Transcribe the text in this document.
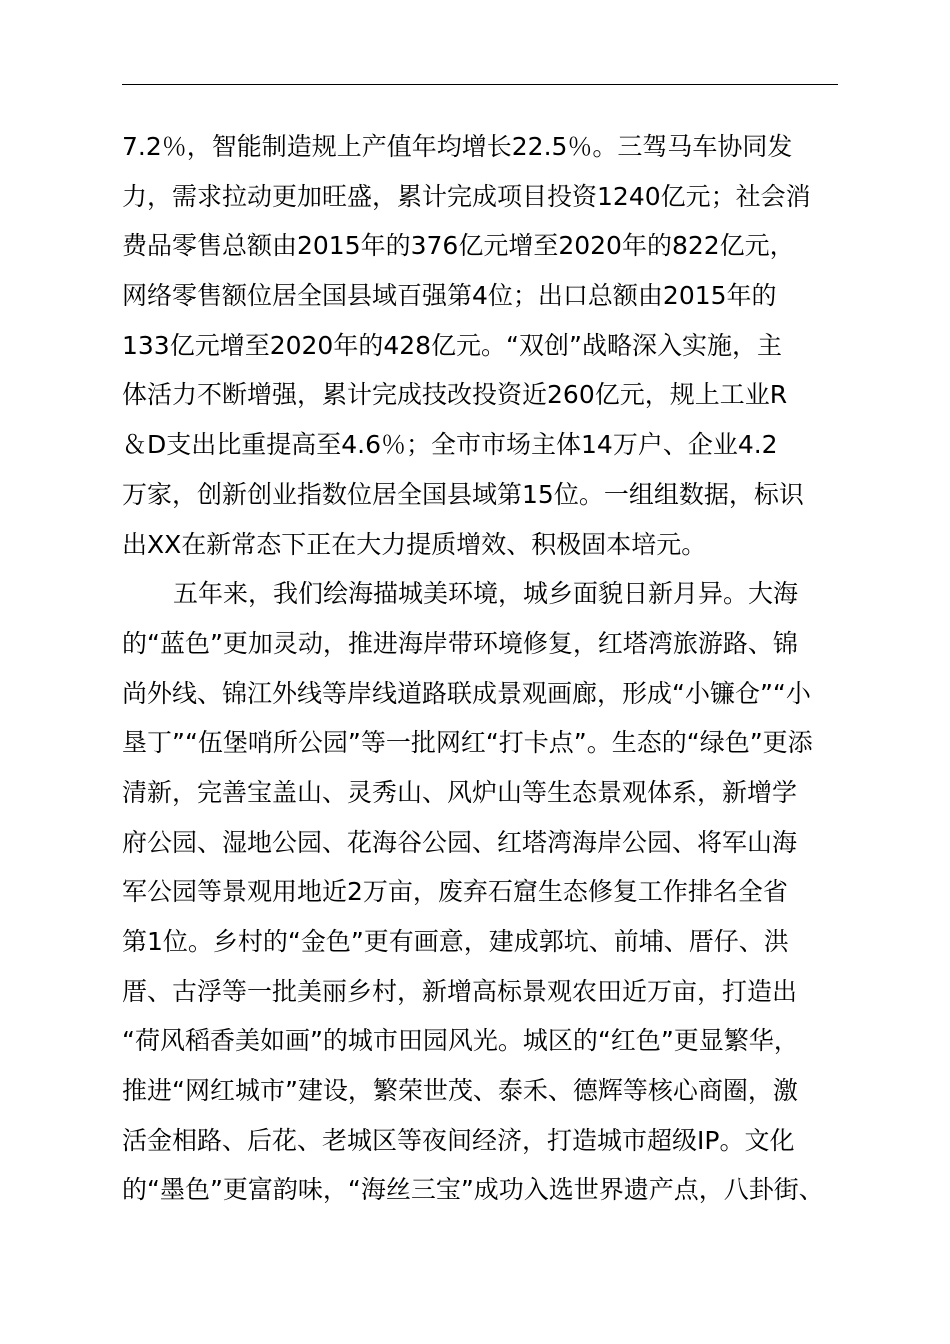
7.2％，智能制造规上产值年均增长22.5％。三驾马车协同发
力，需求拉动更加旺盛，累计完成项目投资1240亿元；社会消
费品零售总额由2015年的376亿元增至2020年的822亿元，
网络零售额位居全国县域百强第4位；出口总额由2015年的
133亿元增至2020年的428亿元。“双创”战略深入实施，主
体活力不断增强，累计完成技改投资近260亿元，规上工业R
＆D支出比重提高至4.6％；全市市场主体14万户、企业4.2
万家，创新创业指数位居全国县域第15位。一组组数据，标识
出XX在新常态下正在大力提质增效、积极固本培元。
五年来，我们绘海描城美环境，城乡面貌日新月异。大海
的“蓝色”更加灵动，推进海岸带环境修复，红塔湾旅游路、锦
尚外线、锦江外线等岸线道路联成景观画廊，形成“小镰仓”“小
垦丁”“伍堡哨所公园”等一批网红“打卡点”。生态的“绿色”更添
清新，完善宝盖山、灵秀山、风炉山等生态景观体系，新增学
府公园、湿地公园、花海谷公园、红塔湾海岸公园、将军山海
军公园等景观用地近2万亩，废弃石窟生态修复工作排名全省
第1位。乡村的“金色”更有画意，建成郭坑、前埔、厝仔、洪
厝、古浮等一批美丽乡村，新增高标景观农田近万亩，打造出
“荷风稻香美如画”的城市田园风光。城区的“红色”更显繁华，
推进“网红城市”建设，繁荣世茂、泰禾、德辉等核心商圈，激
活金相路、后花、老城区等夜间经济，打造城市超级IP。文化
的“墨色”更富韵味，“海丝三宝”成功入选世界遗产点，八卦街、
